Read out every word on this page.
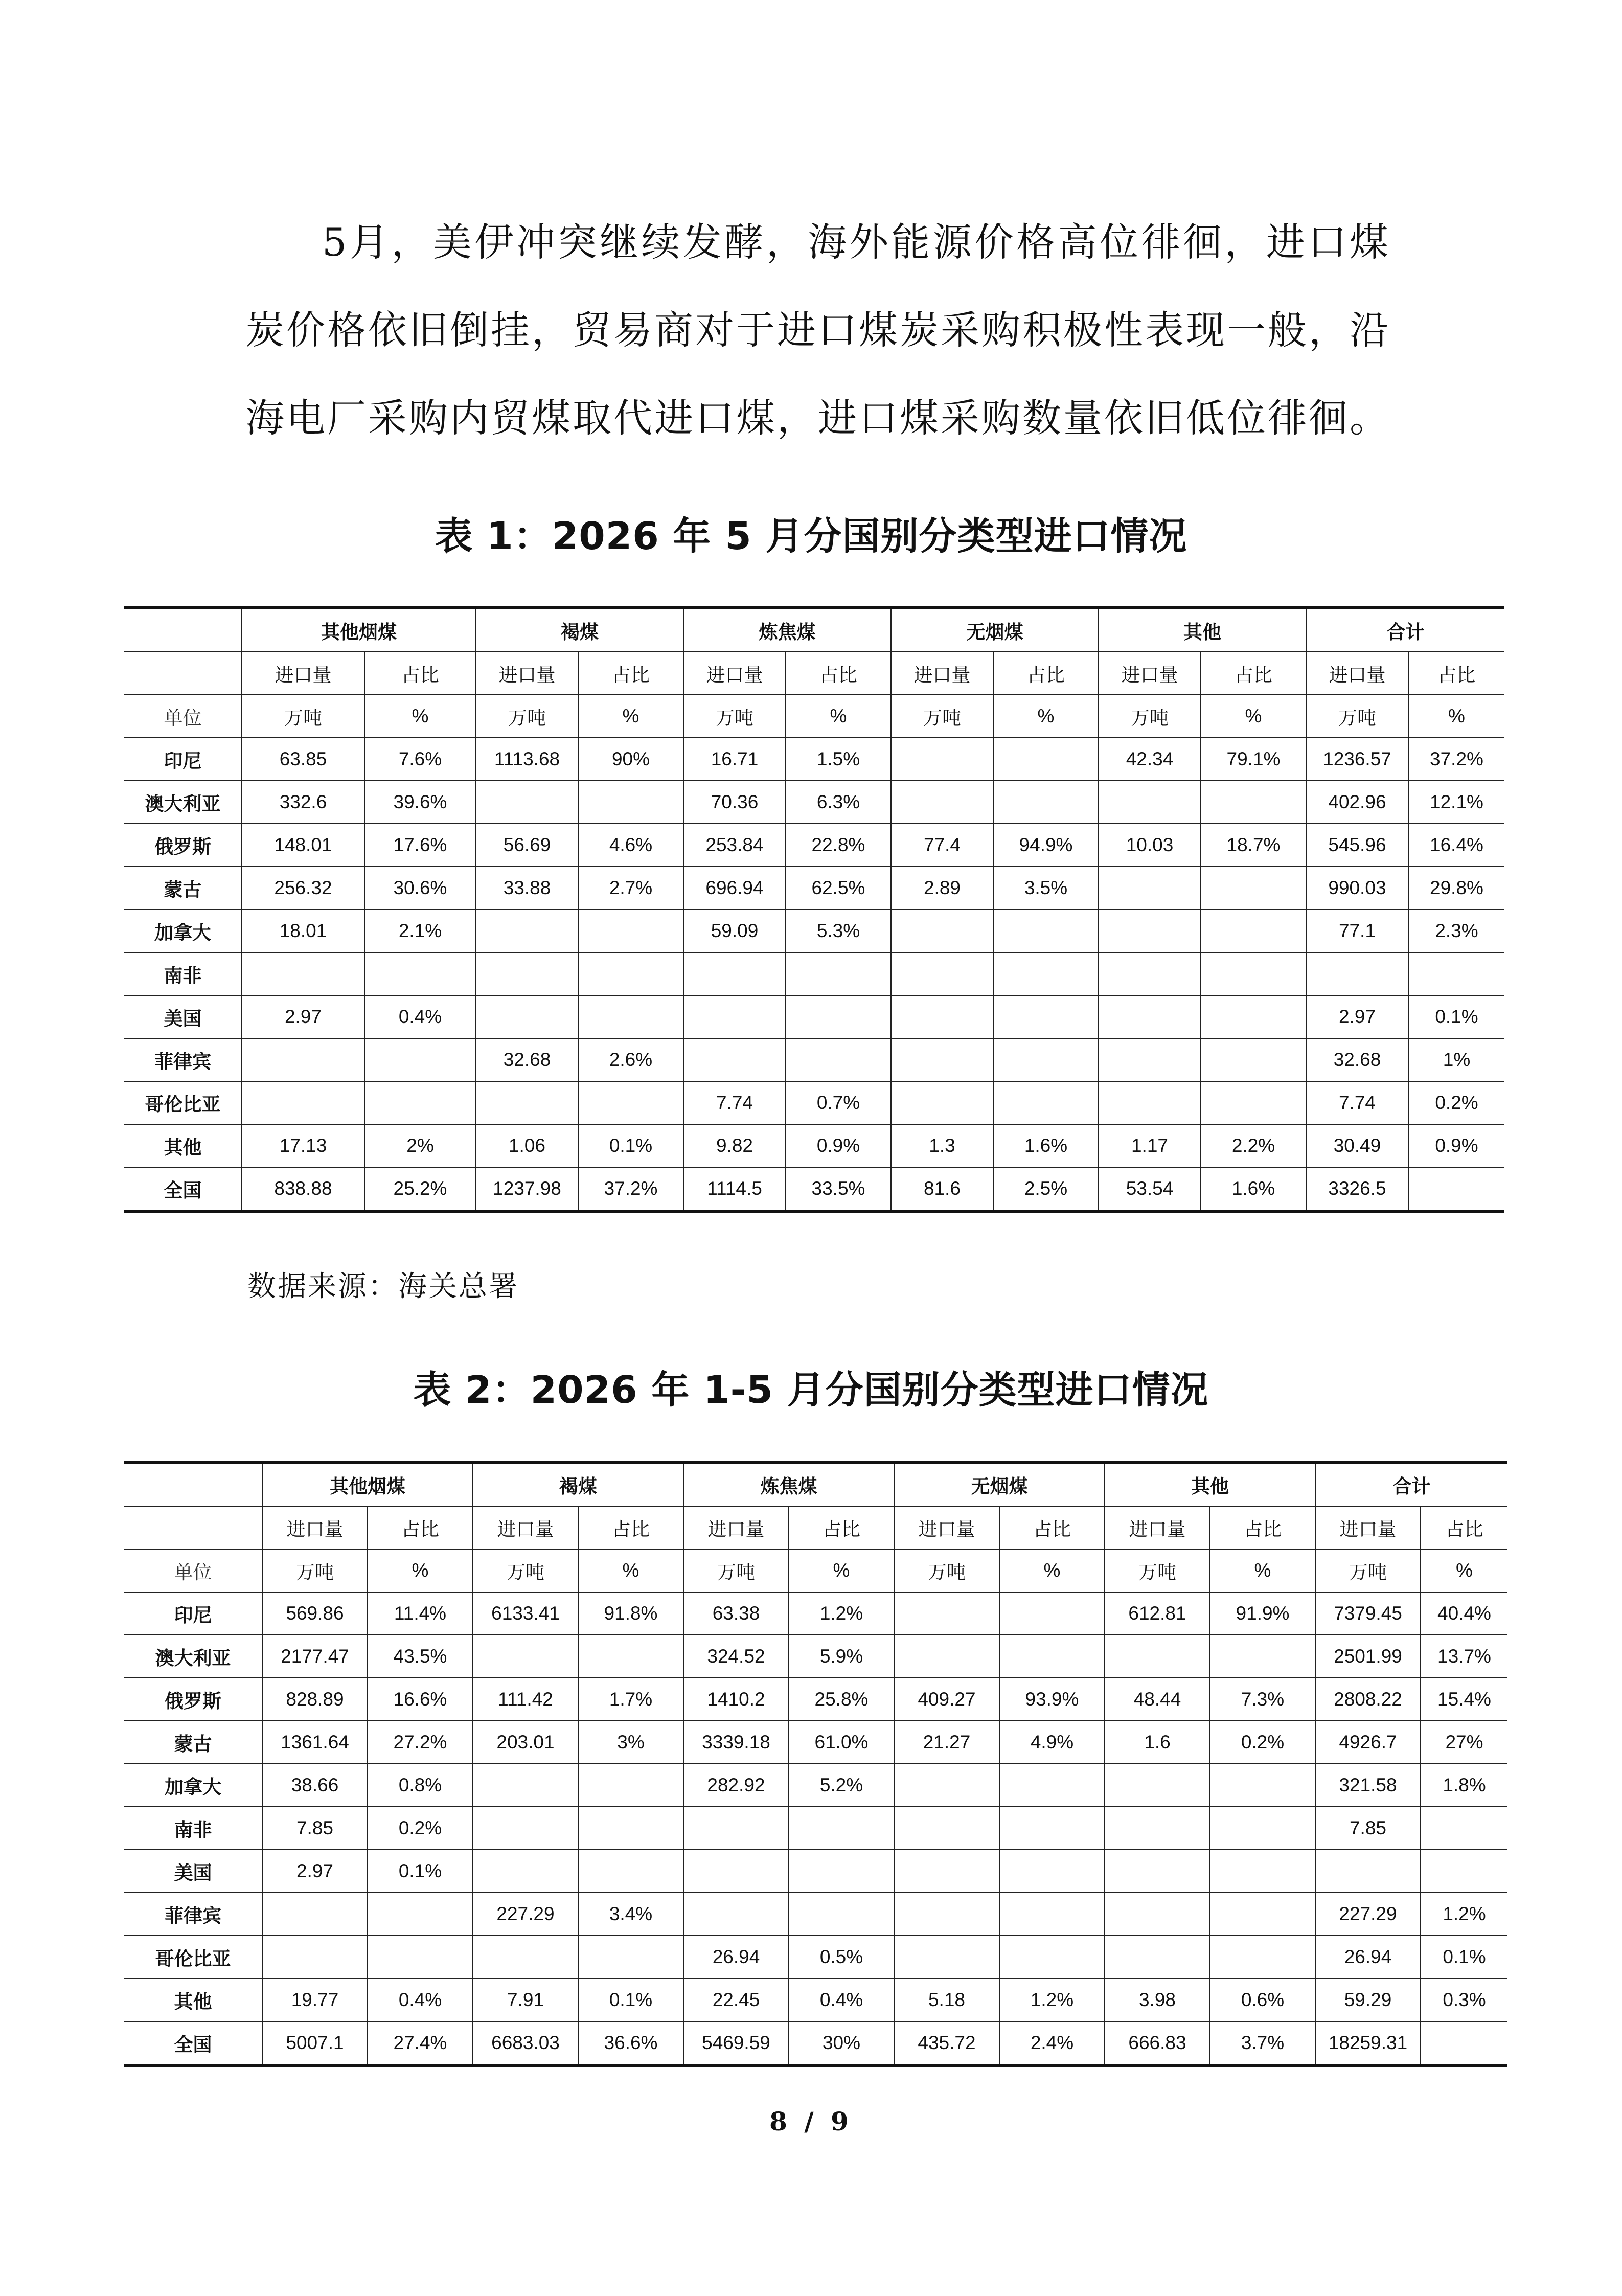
5月，美伊冲突继续发酵，海外能源价格高位徘徊，进口煤炭价格依旧倒挂，贸易商对于进口煤炭采购积极性表现一般，沿海电厂采购内贸煤取代进口煤，进口煤采购数量依旧低位徘徊。
表 1：2026 年 5 月分国别分类型进口情况
	其他烟煤		褐煤		炼焦煤		无烟煤		其他		合计	
	进口量	占比	进口量	占比	进口量	占比	进口量	占比	进口量	占比	进口量	占比
单位	万吨	%	万吨	%	万吨	%	万吨	%	万吨	%	万吨	%
印尼	63.85	7.6%	1113.68	90%	16.71	1.5%			42.34	79.1%	1236.57	37.2%
澳大利亚	332.6	39.6%			70.36	6.3%					402.96	12.1%
俄罗斯	148.01	17.6%	56.69	4.6%	253.84	22.8%	77.4	94.9%	10.03	18.7%	545.96	16.4%
蒙古	256.32	30.6%	33.88	2.7%	696.94	62.5%	2.89	3.5%			990.03	29.8%
加拿大	18.01	2.1%			59.09	5.3%					77.1	2.3%
南非												
美国	2.97	0.4%									2.97	0.1%
菲律宾			32.68	2.6%							32.68	1%
哥伦比亚					7.74	0.7%					7.74	0.2%
其他	17.13	2%	1.06	0.1%	9.82	0.9%	1.3	1.6%	1.17	2.2%	30.49	0.9%
全国	838.88	25.2%	1237.98	37.2%	1114.5	33.5%	81.6	2.5%	53.54	1.6%	3326.5	
数据来源：海关总署
表 2：2026 年 1-5 月分国别分类型进口情况
	其他烟煤		褐煤		炼焦煤		无烟煤		其他		合计	
	进口量	占比	进口量	占比	进口量	占比	进口量	占比	进口量	占比	进口量	占比
单位	万吨	%	万吨	%	万吨	%	万吨	%	万吨	%	万吨	%
印尼	569.86	11.4%	6133.41	91.8%	63.38	1.2%			612.81	91.9%	7379.45	40.4%
澳大利亚	2177.47	43.5%			324.52	5.9%					2501.99	13.7%
俄罗斯	828.89	16.6%	111.42	1.7%	1410.2	25.8%	409.27	93.9%	48.44	7.3%	2808.22	15.4%
蒙古	1361.64	27.2%	203.01	3%	3339.18	61.0%	21.27	4.9%	1.6	0.2%	4926.7	27%
加拿大	38.66	0.8%			282.92	5.2%					321.58	1.8%
南非	7.85	0.2%									7.85	
美国	2.97	0.1%										
菲律宾			227.29	3.4%							227.29	1.2%
哥伦比亚					26.94	0.5%					26.94	0.1%
其他	19.77	0.4%	7.91	0.1%	22.45	0.4%	5.18	1.2%	3.98	0.6%	59.29	0.3%
全国	5007.1	27.4%	6683.03	36.6%	5469.59	30%	435.72	2.4%	666.83	3.7%	18259.31	
8 / 9
